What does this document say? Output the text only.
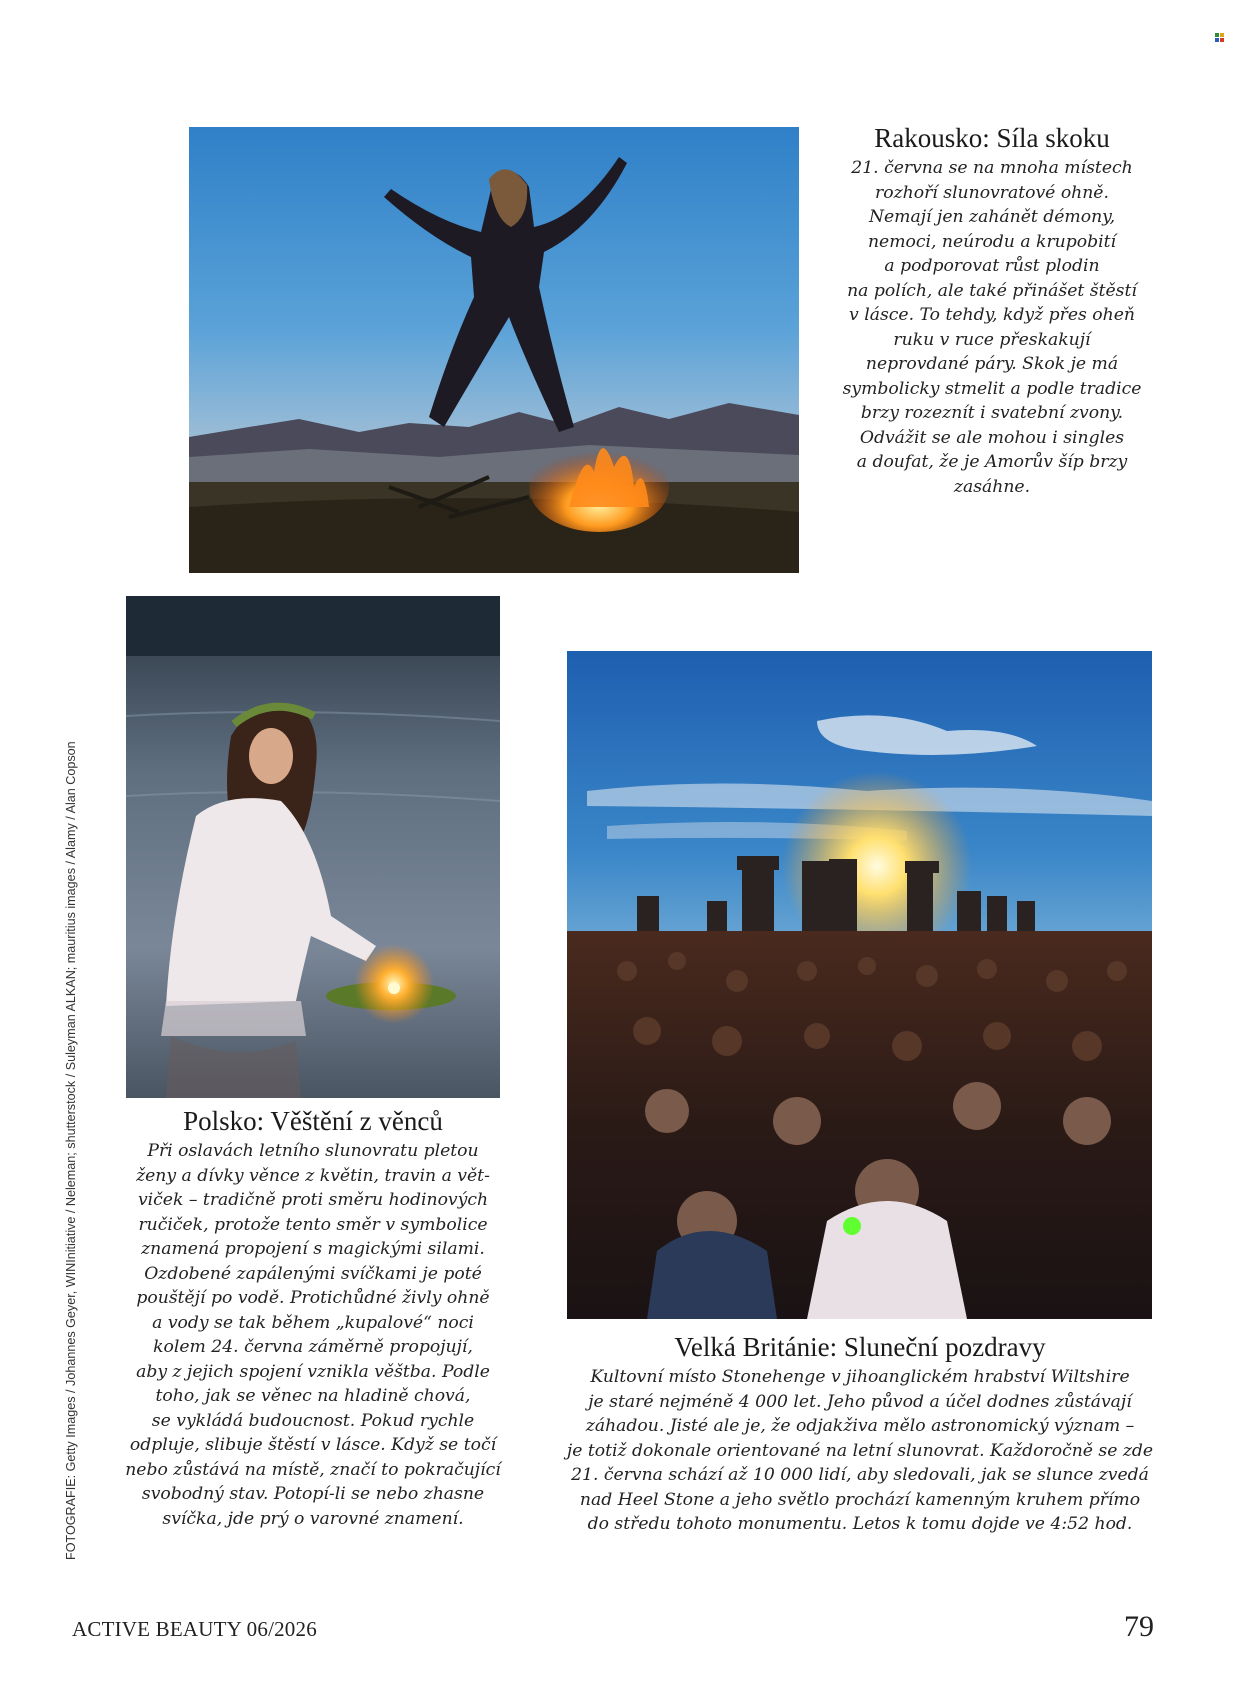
Rakousko: Síla skoku
21. června se na mnoha místech
rozhoří slunovratové ohně.
Nemají jen zahánět démony,
nemoci, neúrodu a krupobití
a podporovat růst plodin
na polích, ale také přinášet štěstí
v lásce. To tehdy, když přes oheň
ruku v ruce přeskakují
neprovdané páry. Skok je má
symbolicky stmelit a podle tradice
brzy rozeznít i svatební zvony.
Odvážit se ale mohou i singles
a doufat, že je Amorův šíp brzy
zasáhne.
Polsko: Věštění z věnců
Při oslavách letního slunovratu pletou
ženy a dívky věnce z květin, travin a vět-
viček – tradičně proti směru hodinových
ručiček, protože tento směr v symbolice
znamená propojení s magickými silami.
Ozdobené zapálenými svíčkami je poté
pouštějí po vodě. Protichůdné živly ohně
a vody se tak během „kupalové“ noci
kolem 24. června záměrně propojují,
aby z jejich spojení vznikla věštba. Podle
toho, jak se věnec na hladině chová,
se vykládá budoucnost. Pokud rychle
odpluje, slibuje štěstí v lásce. Když se točí
nebo zůstává na místě, značí to pokračující
svobodný stav. Potopí-li se nebo zhasne
svíčka, jde prý o varovné znamení.
Velká Británie: Sluneční pozdravy
Kultovní místo Stonehenge v jihoanglickém hrabství Wiltshire
je staré nejméně 4 000 let. Jeho původ a účel dodnes zůstávají
záhadou. Jisté ale je, že odjakživa mělo astronomický význam –
je totiž dokonale orientované na letní slunovrat. Každoročně se zde
21. června schází až 10 000 lidí, aby sledovali, jak se slunce zvedá
nad Heel Stone a jeho světlo prochází kamenným kruhem přímo
do středu tohoto monumentu. Letos k tomu dojde ve 4:52 hod.
FOTOGRAFIE: Getty Images / Johannes Geyer, WINInitiative / Neleman; shutterstock / Suleyman ALKAN; mauritius images / Alamy / Alan Copson
ACTIVE BEAUTY 06/2026	79
